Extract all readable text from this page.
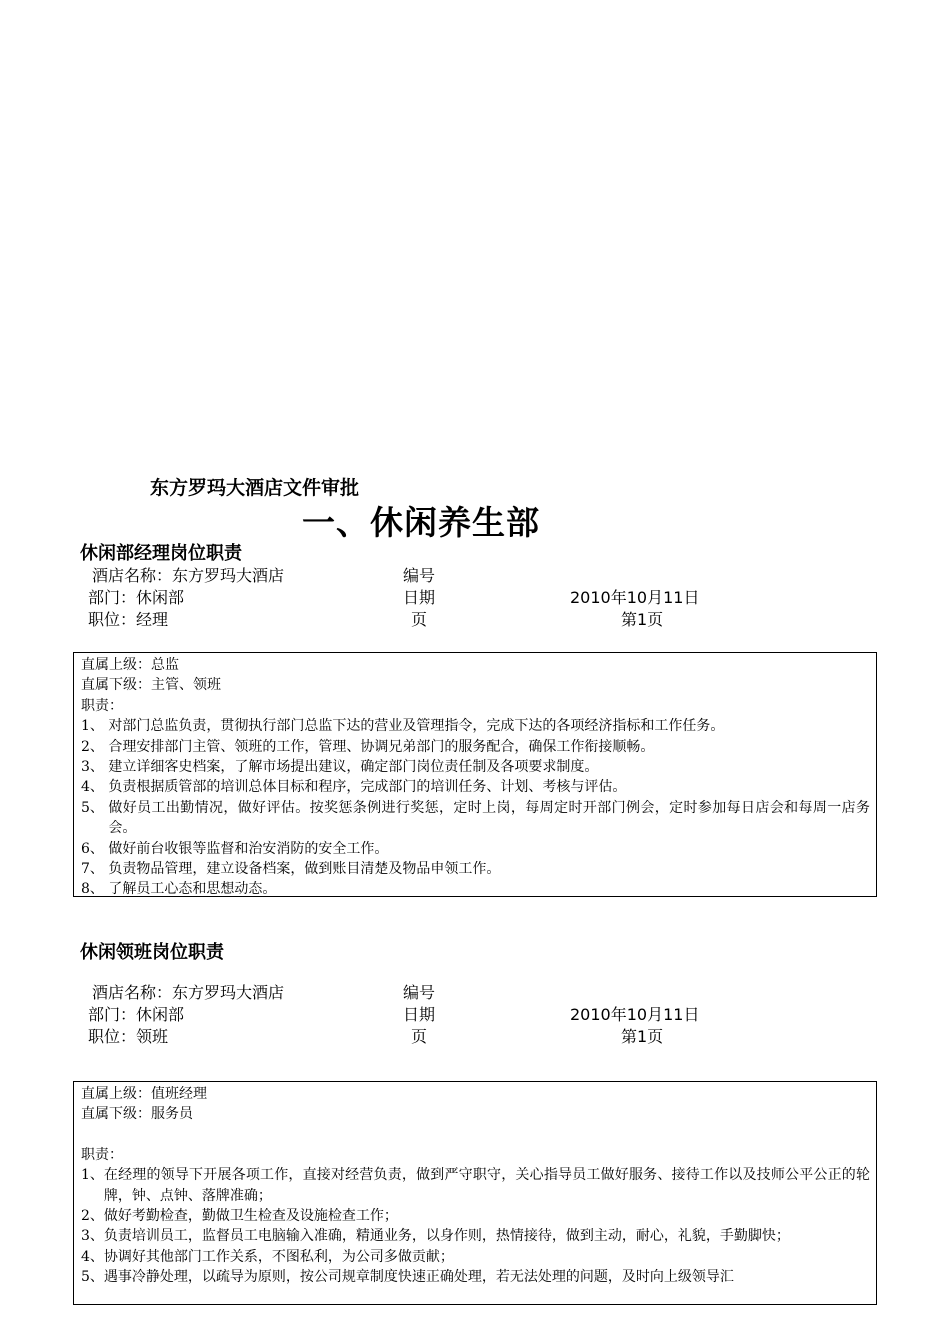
东方罗玛大酒店文件审批
一、休闲养生部
休闲部经理岗位职责
酒店名称：东方罗玛大酒店	编号
部门：休闲部	日期	2010年10月11日
职位：经理	页	第1页
直属上级：总监
直属下级：主管、领班
职责：
1、 对部门总监负责，贯彻执行部门总监下达的营业及管理指令，完成下达的各项经济指标和工作任务。
2、 合理安排部门主管、领班的工作，管理、协调兄弟部门的服务配合，确保工作衔接顺畅。
3、 建立详细客史档案，了解市场提出建议，确定部门岗位责任制及各项要求制度。
4、 负责根据质管部的培训总体目标和程序，完成部门的培训任务、计划、考核与评估。
5、 做好员工出勤情况，做好评估。按奖惩条例进行奖惩，定时上岗，每周定时开部门例会，定时参加每日店会和每周一店务会。
6、 做好前台收银等监督和治安消防的安全工作。
7、 负责物品管理，建立设备档案，做到账目清楚及物品申领工作。
8、 了解员工心态和思想动态。
休闲领班岗位职责
酒店名称：东方罗玛大酒店	编号
部门：休闲部	日期	2010年10月11日
职位：领班	页	第1页
直属上级：值班经理
直属下级：服务员
职责：
1、 在经理的领导下开展各项工作，直接对经营负责，做到严守职守，关心指导员工做好服务、接待工作以及技师公平公正的轮牌，钟、点钟、落牌准确；
2、 做好考勤检查，勤做卫生检查及设施检查工作；
3、 负责培训员工，监督员工电脑输入准确，精通业务，以身作则，热情接待，做到主动，耐心，礼貌，手勤脚快；
4、 协调好其他部门工作关系，不图私利，为公司多做贡献；
5、 遇事冷静处理，以疏导为原则，按公司规章制度快速正确处理，若无法处理的问题，及时向上级领导汇
